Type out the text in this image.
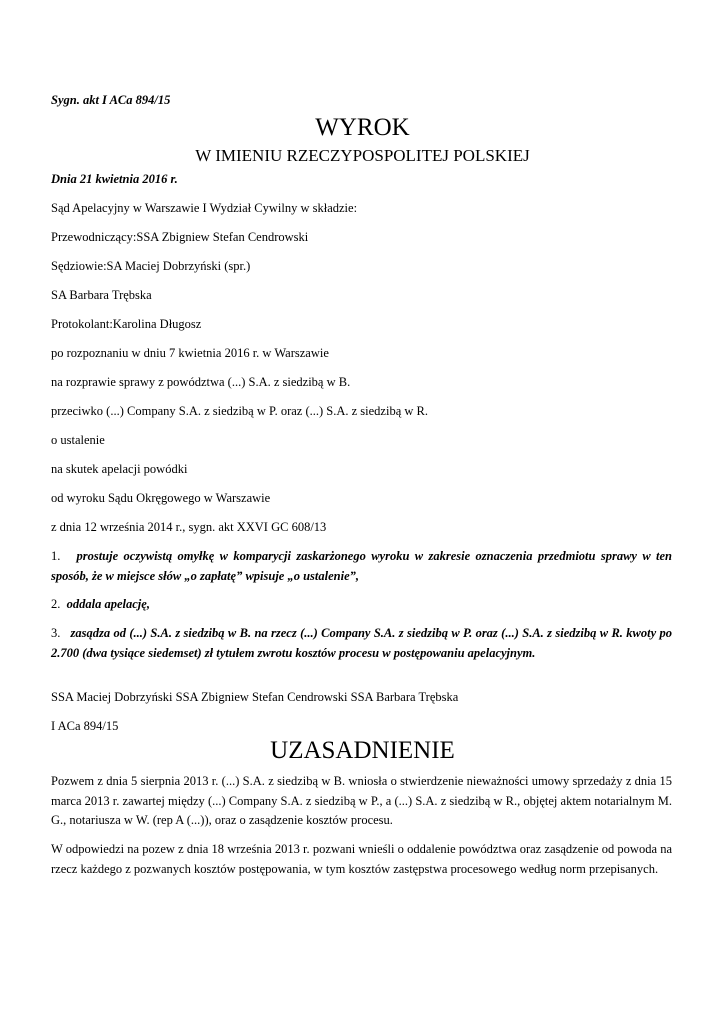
Sygn. akt I ACa 894/15
WYROK
W IMIENIU RZECZYPOSPOLITEJ POLSKIEJ
Dnia 21 kwietnia 2016 r.
Sąd Apelacyjny w Warszawie I Wydział Cywilny w składzie:
Przewodniczący:SSA Zbigniew Stefan Cendrowski
Sędziowie:SA Maciej Dobrzyński (spr.)
SA Barbara Trębska
Protokolant:Karolina Długosz
po rozpoznaniu w dniu 7 kwietnia 2016 r. w Warszawie
na rozprawie sprawy z powództwa (...) S.A. z siedzibą w B.
przeciwko (...) Company S.A. z siedzibą w P. oraz (...) S.A. z siedzibą w R.
o ustalenie
na skutek apelacji powódki
od wyroku Sądu Okręgowego w Warszawie
z dnia 12 września 2014 r., sygn. akt XXVI GC 608/13
1. prostuje oczywistą omyłkę w komparycji zaskarżonego wyroku w zakresie oznaczenia przedmiotu sprawy w ten sposób, że w miejsce słów „o zapłatę” wpisuje „o ustalenie”,
2. oddala apelację,
3. zasądza od (...) S.A. z siedzibą w B. na rzecz (...) Company S.A. z siedzibą w P. oraz (...) S.A. z siedzibą w R. kwoty po 2.700 (dwa tysiące siedemset) zł tytułem zwrotu kosztów procesu w postępowaniu apelacyjnym.
SSA Maciej Dobrzyński SSA Zbigniew Stefan Cendrowski SSA Barbara Trębska
I ACa 894/15
UZASADNIENIE
Pozwem z dnia 5 sierpnia 2013 r. (...) S.A. z siedzibą w B. wniosła o stwierdzenie nieważności umowy sprzedaży z dnia 15 marca 2013 r. zawartej między (...) Company S.A. z siedzibą w P., a (...) S.A. z siedzibą w R., objętej aktem notarialnym M. G., notariusza w W. (rep A (...)), oraz o zasądzenie kosztów procesu.
W odpowiedzi na pozew z dnia 18 września 2013 r. pozwani wnieśli o oddalenie powództwa oraz zasądzenie od powoda na rzecz każdego z pozwanych kosztów postępowania, w tym kosztów zastępstwa procesowego według norm przepisanych.
